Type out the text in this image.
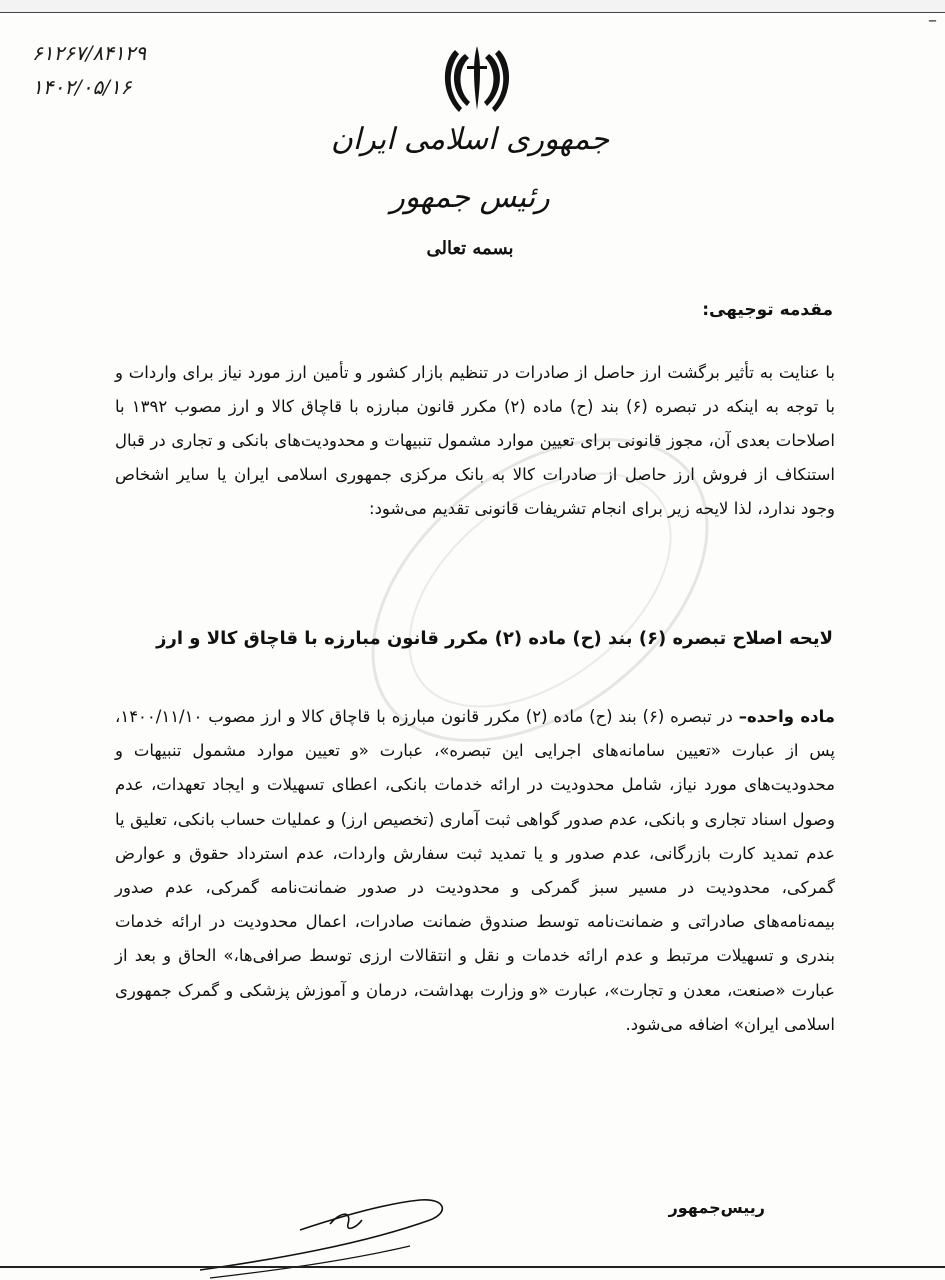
–
۶۱۲۶۷/۸۴۱۲۹
۱۴۰۲/۰۵/۱۶
جمهوری اسلامی ایران
رئیس جمهور
بسمه تعالی
مقدمه توجیهی:
با عنایت به تأثیر برگشت ارز حاصل از صادرات در تنظیم بازار کشور و تأمین ارز مورد نیاز برای واردات و با توجه به اینکه در تبصره (۶) بند (ح) ماده (۲) مکرر قانون مبارزه با قاچاق کالا و ارز مصوب ۱۳۹۲ با اصلاحات بعدی آن، مجوز قانونی برای تعیین موارد مشمول تنبیهات و محدودیت‌های بانکی و تجاری در قبال استنکاف از فروش ارز حاصل از صادرات کالا به بانک مرکزی جمهوری اسلامی ایران یا سایر اشخاص وجود ندارد، لذا لایحه زیر برای انجام تشریفات قانونی تقدیم می‌شود:
لایحه اصلاح تبصره (۶) بند (ح) ماده (۲) مکرر قانون مبارزه با قاچاق کالا و ارز
ماده واحده– در تبصره (۶) بند (ح) ماده (۲) مکرر قانون مبارزه با قاچاق کالا و ارز مصوب ۱۴۰۰/۱۱/۱۰، پس از عبارت «تعیین سامانه‌های اجرایی این تبصره»، عبارت «و تعیین موارد مشمول تنبیهات و محدودیت‌های مورد نیاز، شامل محدودیت در ارائه خدمات بانکی، اعطای تسهیلات و ایجاد تعهدات، عدم وصول اسناد تجاری و بانکی، عدم صدور گواهی ثبت آماری (تخصیص ارز) و عملیات حساب بانکی، تعلیق یا عدم تمدید کارت بازرگانی، عدم صدور و یا تمدید ثبت سفارش واردات، عدم استرداد حقوق و عوارض گمرکی، محدودیت در مسیر سبز گمرکی و محدودیت در صدور ضمانت‌نامه گمرکی، عدم صدور بیمه‌نامه‌های صادراتی و ضمانت‌نامه توسط صندوق ضمانت صادرات، اعمال محدودیت در ارائه خدمات بندری و تسهیلات مرتبط و عدم ارائه خدمات و نقل و انتقالات ارزی توسط صرافی‌ها،» الحاق و بعد از عبارت «صنعت، معدن و تجارت»، عبارت «و وزارت بهداشت، درمان و آموزش پزشکی و گمرک جمهوری اسلامی ایران» اضافه می‌شود.
رییس‌جمهور
